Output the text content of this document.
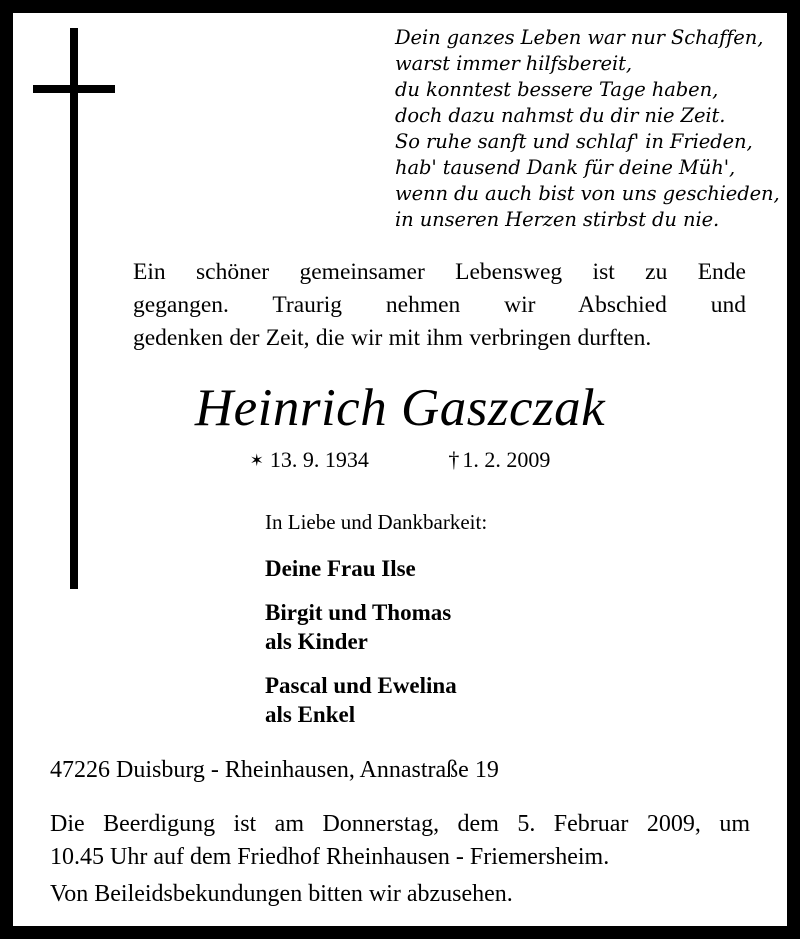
Dein ganzes Leben war nur Schaffen,
warst immer hilfsbereit,
du konntest bessere Tage haben,
doch dazu nahmst du dir nie Zeit.
So ruhe sanft und schlaf' in Frieden,
hab' tausend Dank für deine Müh',
wenn du auch bist von uns geschieden,
in unseren Herzen stirbst du nie.
Ein schöner gemeinsamer Lebensweg ist zu Ende
gegangen. Traurig nehmen wir Abschied und
gedenken der Zeit, die wir mit ihm verbringen durften.
Heinrich Gaszczak
✶ 13. 9. 1934	† 1. 2. 2009
In Liebe und Dankbarkeit:
Deine Frau Ilse
Birgit und Thomas
als Kinder
Pascal und Ewelina
als Enkel
47226 Duisburg - Rheinhausen, Annastraße 19
Die Beerdigung ist am Donnerstag, dem 5. Februar 2009, um
10.45 Uhr auf dem Friedhof Rheinhausen - Friemersheim.
Von Beileidsbekundungen bitten wir abzusehen.
